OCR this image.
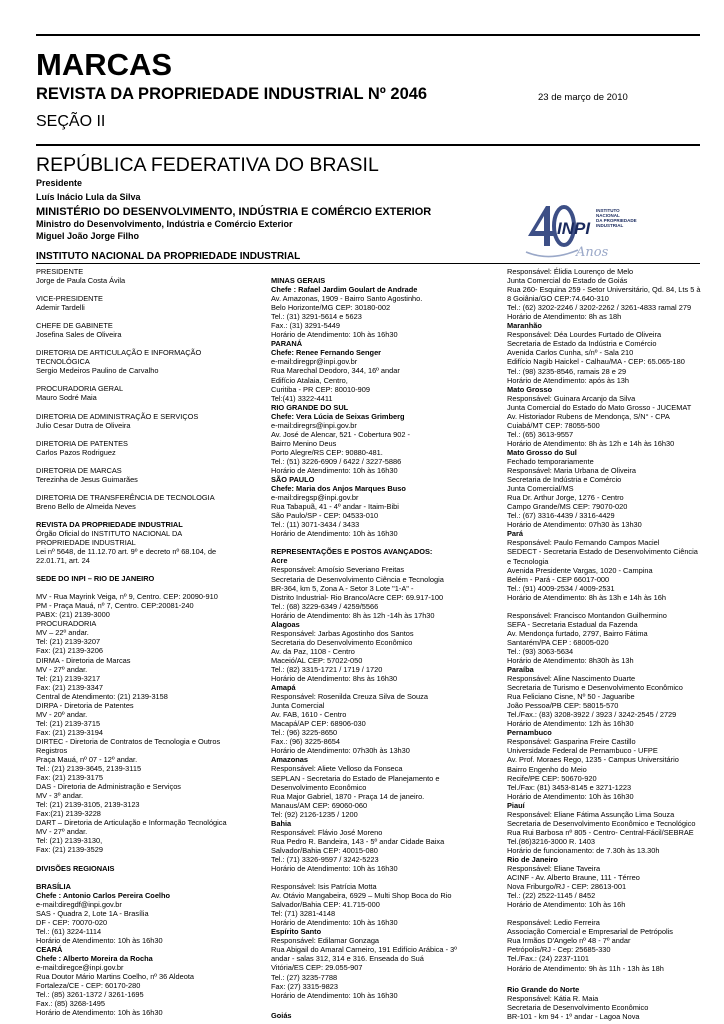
MARCAS
REVISTA DA PROPRIEDADE INDUSTRIAL Nº 2046	23 de março de 2010
SEÇÃO II
REPÚBLICA FEDERATIVA DO BRASIL
Presidente
Luís Inácio Lula da Silva
MINISTÉRIO DO DESENVOLVIMENTO, INDÚSTRIA E COMÉRCIO EXTERIOR
Ministro do Desenvolvimento, Indústria e Comércio Exterior
Miguel João Jorge Filho
INSTITUTO NACIONAL DA PROPRIEDADE INDUSTRIAL
INPI
INSTITUTO
NACIONAL
DA PROPRIEDADE
INDUSTRIAL
Anos
PRESIDENTE
Jorge de Paula Costa Ávila
VICE-PRESIDENTE
Ademir Tardelli
CHEFE DE GABINETE
Josefina Sales de Oliveira
DIRETORIA DE ARTICULAÇÃO E INFORMAÇÃO
TECNOLÓGICA
Sergio Medeiros Paulino de Carvalho
PROCURADORIA GERAL
Mauro Sodré Maia
DIRETORIA DE ADMINISTRAÇÃO E SERVIÇOS
Julio Cesar Dutra de Oliveira
DIRETORIA DE PATENTES
Carlos Pazos Rodriguez
DIRETORIA DE MARCAS
Terezinha de Jesus Guimarães
DIRETORIA DE TRANSFERÊNCIA DE TECNOLOGIA
Breno Bello de Almeida Neves
REVISTA DA PROPRIEDADE INDUSTRIAL
Órgão Oficial do INSTITUTO NACIONAL DA
PROPRIEDADE INDUSTRIAL
Lei nº 5648, de 11.12.70 art. 9º e decreto nº 68.104, de
22.01.71, art. 24
SEDE DO INPI – RIO DE JANEIRO
MV - Rua Mayrink Veiga, nº 9, Centro. CEP: 20090-910
PM - Praça Mauá, nº 7, Centro. CEP:20081-240
PABX: (21) 2139-3000
PROCURADORIA
MV – 22º andar.
Tel: (21) 2139-3207
Fax: (21) 2139-3206
DIRMA - Diretoria de Marcas
MV - 27º andar.
Tel: (21) 2139-3217
Fax: (21) 2139-3347
Central de Atendimento: (21) 2139-3158
DIRPA - Diretoria de Patentes
MV - 20º andar.
Tel: (21) 2139-3715
Fax: (21) 2139-3194
DIRTEC - Diretoria de Contratos de Tecnologia e Outros
Registros
Praça Mauá, nº 07 - 12º andar.
Tel.: (21) 2139-3645, 2139-3115
Fax: (21) 2139-3175
DAS - Diretoria de Administração e Serviços
MV - 3º andar.
Tel: (21) 2139-3105, 2139-3123
Fax:(21) 2139-3228
DART – Diretoria de Articulação e Informação Tecnológica
MV - 27º andar.
Tel: (21) 2139-3130,
Fax: (21) 2139-3529
DIVISÕES REGIONAIS
BRASÍLIA
Chefe : Antonio Carlos Pereira Coelho
e-mail:diregdf@inpi.gov.br
SAS - Quadra 2, Lote 1A - Brasília
DF - CEP: 70070-020
Tel.: (61) 3224-1114
Horário de Atendimento: 10h às 16h30
CEARÁ
Chefe : Alberto Moreira da Rocha
e-mail:diregce@inpi.gov.br
Rua Doutor Mário Martins Coelho, nº 36 Aldeota
Fortaleza/CE - CEP: 60170-280
Tel.: (85) 3261-1372 / 3261-1695
Fax.: (85) 3268-1495
Horário de Atendimento: 10h às 16h30
MINAS GERAIS
Chefe : Rafael Jardim Goulart de Andrade
Av. Amazonas, 1909 - Bairro Santo Agostinho.
Belo Horizonte/MG CEP: 30180-002
Tel.: (31) 3291-5614 e 5623
Fax.: (31) 3291-5449
Horário de Atendimento: 10h às 16h30
PARANÁ
Chefe: Renee Fernando Senger
e-mail:diregpr@inpi.gov.br
Rua Marechal Deodoro, 344, 16º andar
Edifício Atalaia, Centro,
Curitiba - PR CEP: 80010-909
Tel:(41) 3322-4411
RIO GRANDE DO SUL
Chefe: Vera Lúcia de Seixas Grimberg
e-mail:diregrs@inpi.gov.br
Av. José de Alencar, 521 - Cobertura 902 -
Bairro Menino Deus
Porto Alegre/RS CEP: 90880-481.
Tel.: (51) 3226-6909 / 6422 / 3227-5886
Horário de Atendimento: 10h às 16h30
SÃO PAULO
Chefe: Maria dos Anjos Marques Buso
e-mail:diregsp@inpi.gov.br
Rua Tabapuã, 41 - 4º andar - Itaim-Bibi
São Paulo/SP - CEP: 04533-010
Tel.: (11) 3071-3434 / 3433
Horário de Atendimento: 10h às 16h30
REPRESENTAÇÕES E POSTOS AVANÇADOS:
Acre
Responsável: Amoísio Severiano Freitas
Secretaria de Desenvolvimento Ciência e Tecnologia
BR-364, km 5, Zona A - Setor 3 Lote "1-A" -
Distrito Industrial- Rio Branco/Acre CEP: 69.917-100
Tel.: (68) 3229-6349 / 4259/5566
Horário de Atendimento: 8h às 12h -14h às 17h30
Alagoas
Responsável: Jarbas Agostinho dos Santos
Secretaria do Desenvolvimento Econômico
Av. da Paz, 1108 - Centro
Maceió/AL CEP: 57022-050
Tel.: (82) 3315-1721 / 1719 / 1720
Horário de Atendimento: 8hs às 16h30
Amapá
Responsável: Rosenilda Creuza Silva de Souza
Junta Comercial
Av. FAB, 1610 - Centro
Macapá/AP CEP: 68906-030
Tel.: (96) 3225-8650
Fax.: (96) 3225-8654
Horário de Atendimento: 07h30h às 13h30
Amazonas
Responsável: Aliete Velloso da Fonseca
SEPLAN - Secretaria do Estado de Planejamento e
Desenvolvimento Econômico
Rua Major Gabriel, 1870 - Praça 14 de janeiro.
Manaus/AM CEP: 69060-060
Tel: (92) 2126-1235 / 1200
Bahia
Responsável: Flávio José Moreno
Rua Pedro R. Bandeira, 143 - 5º andar Cidade Baixa
Salvador/Bahia CEP: 40015-080
Tel.: (71) 3326-9597 / 3242-5223
Horário de Atendimento: 10h às 16h30
Responsável: Isis Patrícia Motta
Av. Otávio Mangabeira, 6929 – Multi Shop Boca do Rio
Salvador/Bahia CEP: 41.715-000
Tel: (71) 3281-4148
Horário de Atendimento: 10h às 16h30
Espírito Santo
Responsável: Edilamar Gonzaga
Rua Abigail do Amaral Carneiro, 191 Edifício Arábica - 3º
andar - salas 312, 314 e 316. Enseada do Suá
Vitória/ES CEP: 29.055-907
Tel.: (27) 3235-7788
Fax: (27) 3315-9823
Horário de Atendimento: 10h às 16h30
Responsável: Élidia Lourenço de Melo
Junta Comercial do Estado de Goiás
Rua 260- Esquina 259 - Setor Universitário, Qd. 84, Lts 5 à
8 Goiânia/GO CEP:74.640-310
Tel.: (62) 3202-2246 / 3202-2262 / 3261-4833 ramal 279
Horário de Atendimento: 8h as 18h
Maranhão
Responsável: Déa Lourdes Furtado de Oliveira
Secretaria de Estado da Indústria e Comércio
Avenida Carlos Cunha, s/nº - Sala 210
Edifício Nagib Haickel - Calhau/MA - CEP: 65.065-180
Tel.: (98) 3235-8546, ramais 28 e 29
Horário de Atendimento: após às 13h
Mato Grosso
Responsável: Guinara Arcanjo da Silva
Junta Comercial do Estado do Mato Grosso - JUCEMAT
Av. Historiador Rubens de Mendonça, S/N° - CPA
Cuiabá/MT CEP: 78055-500
Tel.: (65) 3613-9557
Horário de Atendimento: 8h às 12h e 14h às 16h30
Mato Grosso do Sul
Fechado temporariamente
Responsável: Maria Urbana de Oliveira
Secretaria de Indústria e Comércio
Junta Comercial/MS
Rua Dr. Arthur Jorge, 1276 - Centro
Campo Grande/MS CEP: 79070-020
Tel.: (67) 3316-4439 / 3316-4429
Horário de Atendimento: 07h30 às 13h30
Pará
Responsável: Paulo Fernando Campos Maciel
SEDECT - Secretaria Estado de Desenvolvimento Ciência
e Tecnologia
Avenida Presidente Vargas, 1020 - Campina
Belém - Pará - CEP 66017-000
Tel.: (91) 4009-2534 / 4009-2531
Horário de Atendimento: 8h às 13h e 14h às 16h
Responsável: Francisco Montandon Guilhermino
SEFA - Secretaria Estadual da Fazenda
Av. Mendonça furtado, 2797, Bairro Fátima
Santarém/PA CEP : 68005-020
Tel.: (93) 3063-5634
Horário de Atendimento: 8h30h às 13h
Paraíba
Responsável: Aline Nascimento Duarte
Secretaria de Turismo e Desenvolvimento Econômico
Rua Feliciano Cisne, Nº 50 - Jaguaribe
João Pessoa/PB CEP: 58015-570
Tel./Fax.: (83) 3208-3922 / 3923 / 3242-2545 / 2729
Horário de Atendimento: 12h às 16h30
Pernambuco
Responsável: Gasparina Freire Castillo
Universidade Federal de Pernambuco - UFPE
Av. Prof. Moraes Rego, 1235 - Campus Universitário
Bairro Engenho do Meio
Recife/PE CEP: 50670-920
Tel./Fax: (81) 3453-8145 e 3271-1223
Horário de Atendimento: 10h às 16h30
Piauí
Responsável: Eliane Fátima Assunção Lima Souza
Secretaria de Desenvolvimento Econômico e Tecnológico
Rua Rui Barbosa nº 805 - Centro- Central-Fácil/SEBRAE
Tel.(86)3216-3000 R. 1403
Horário de funcionamento: de 7.30h às 13.30h
Rio de Janeiro
Responsável: Eliane Taveira
ACINF - Av. Alberto Braune, 111 - Térreo
Nova Friburgo/RJ - CEP: 28613-001
Tel.: (22) 2522-1145 / 8452
Horário de Atendimento: 10h às 16h
Responsável: Ledio Ferreira
Associação Comercial e Empresarial de Petrópolis
Rua Irmãos D'Angelo nº 48 - 7º andar
Petrópolis/RJ - Cep: 25685-330
Tel./Fax.: (24) 2237-1101
Horário de Atendimento: 9h às 11h - 13h às 18h
Goiás
Rio Grande do Norte
Responsável: Kátia R. Maia
Secretaria de Desenvolvimento Econômico
BR-101 - km 94 - 1º andar - Lagoa Nova
